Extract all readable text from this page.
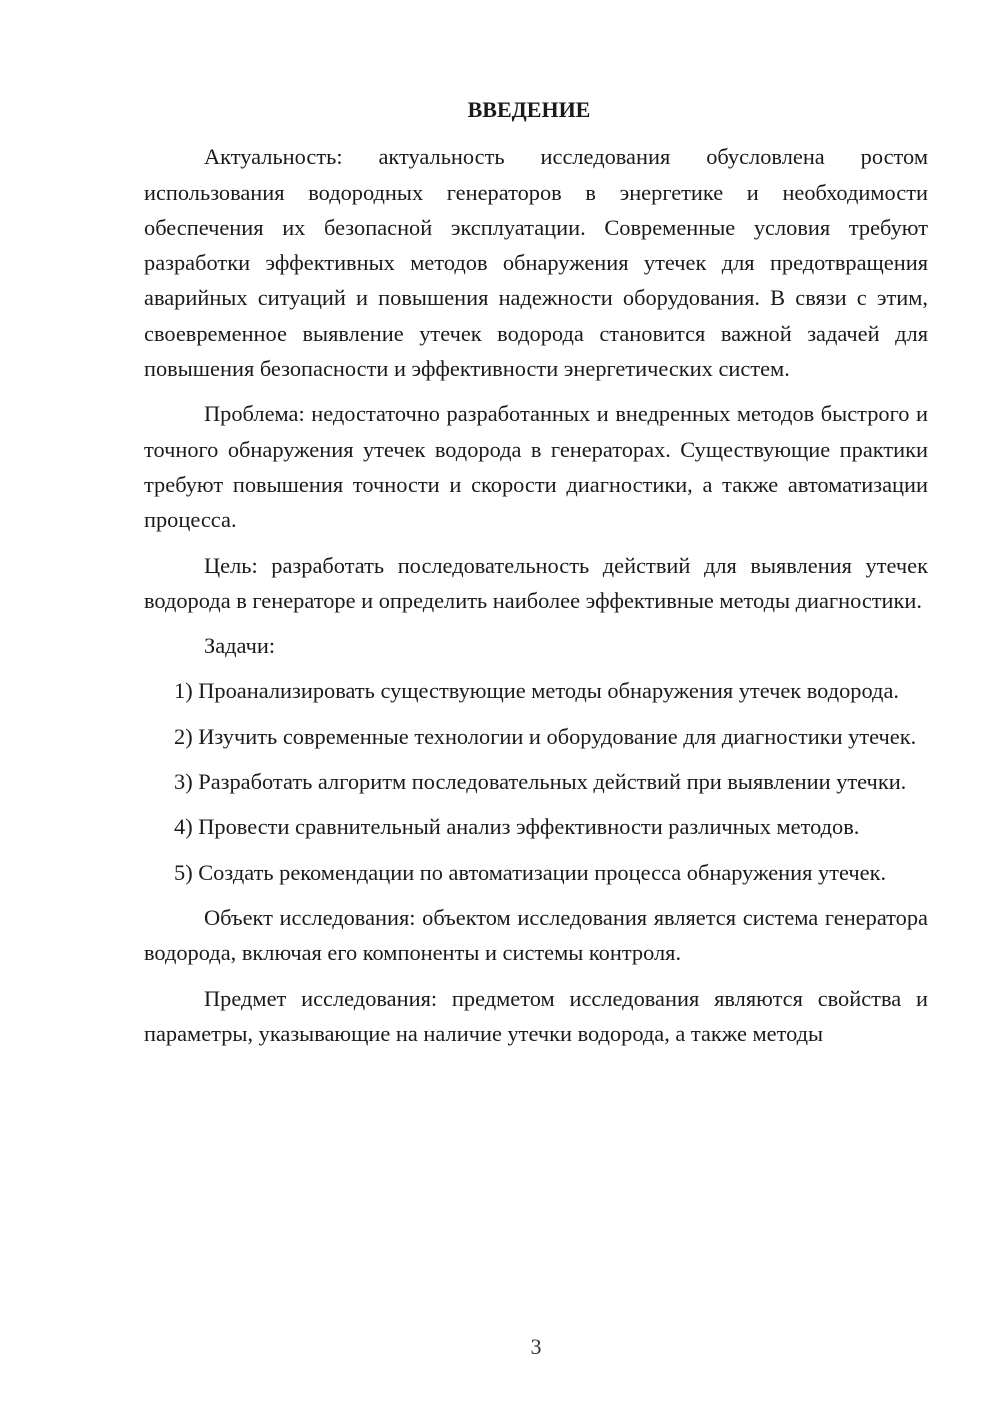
ВВЕДЕНИЕ

Актуальность: актуальность исследования обусловлена ростом использования водородных генераторов в энергетике и необходимости обеспечения их безопасной эксплуатации. Современные условия требуют разработки эффективных методов обнаружения утечек для предотвращения аварийных ситуаций и повышения надежности оборудования. В связи с этим, своевременное выявление утечек водорода становится важной задачей для повышения безопасности и эффективности энергетических систем.

Проблема: недостаточно разработанных и внедренных методов быстрого и точного обнаружения утечек водорода в генераторах. Существующие практики требуют повышения точности и скорости диагностики, а также автоматизации процесса.

Цель: разработать последовательность действий для выявления утечек водорода в генераторе и определить наиболее эффективные методы диагностики.

Задачи:

1) Проанализировать существующие методы обнаружения утечек водорода.

2) Изучить современные технологии и оборудование для диагностики утечек.

3) Разработать алгоритм последовательных действий при выявлении утечки.

4) Провести сравнительный анализ эффективности различных методов.

5) Создать рекомендации по автоматизации процесса обнаружения утечек.

Объект исследования: объектом исследования является система генератора водорода, включая его компоненты и системы контроля.

Предмет исследования: предметом исследования являются свойства и параметры, указывающие на наличие утечки водорода, а также методы

3
